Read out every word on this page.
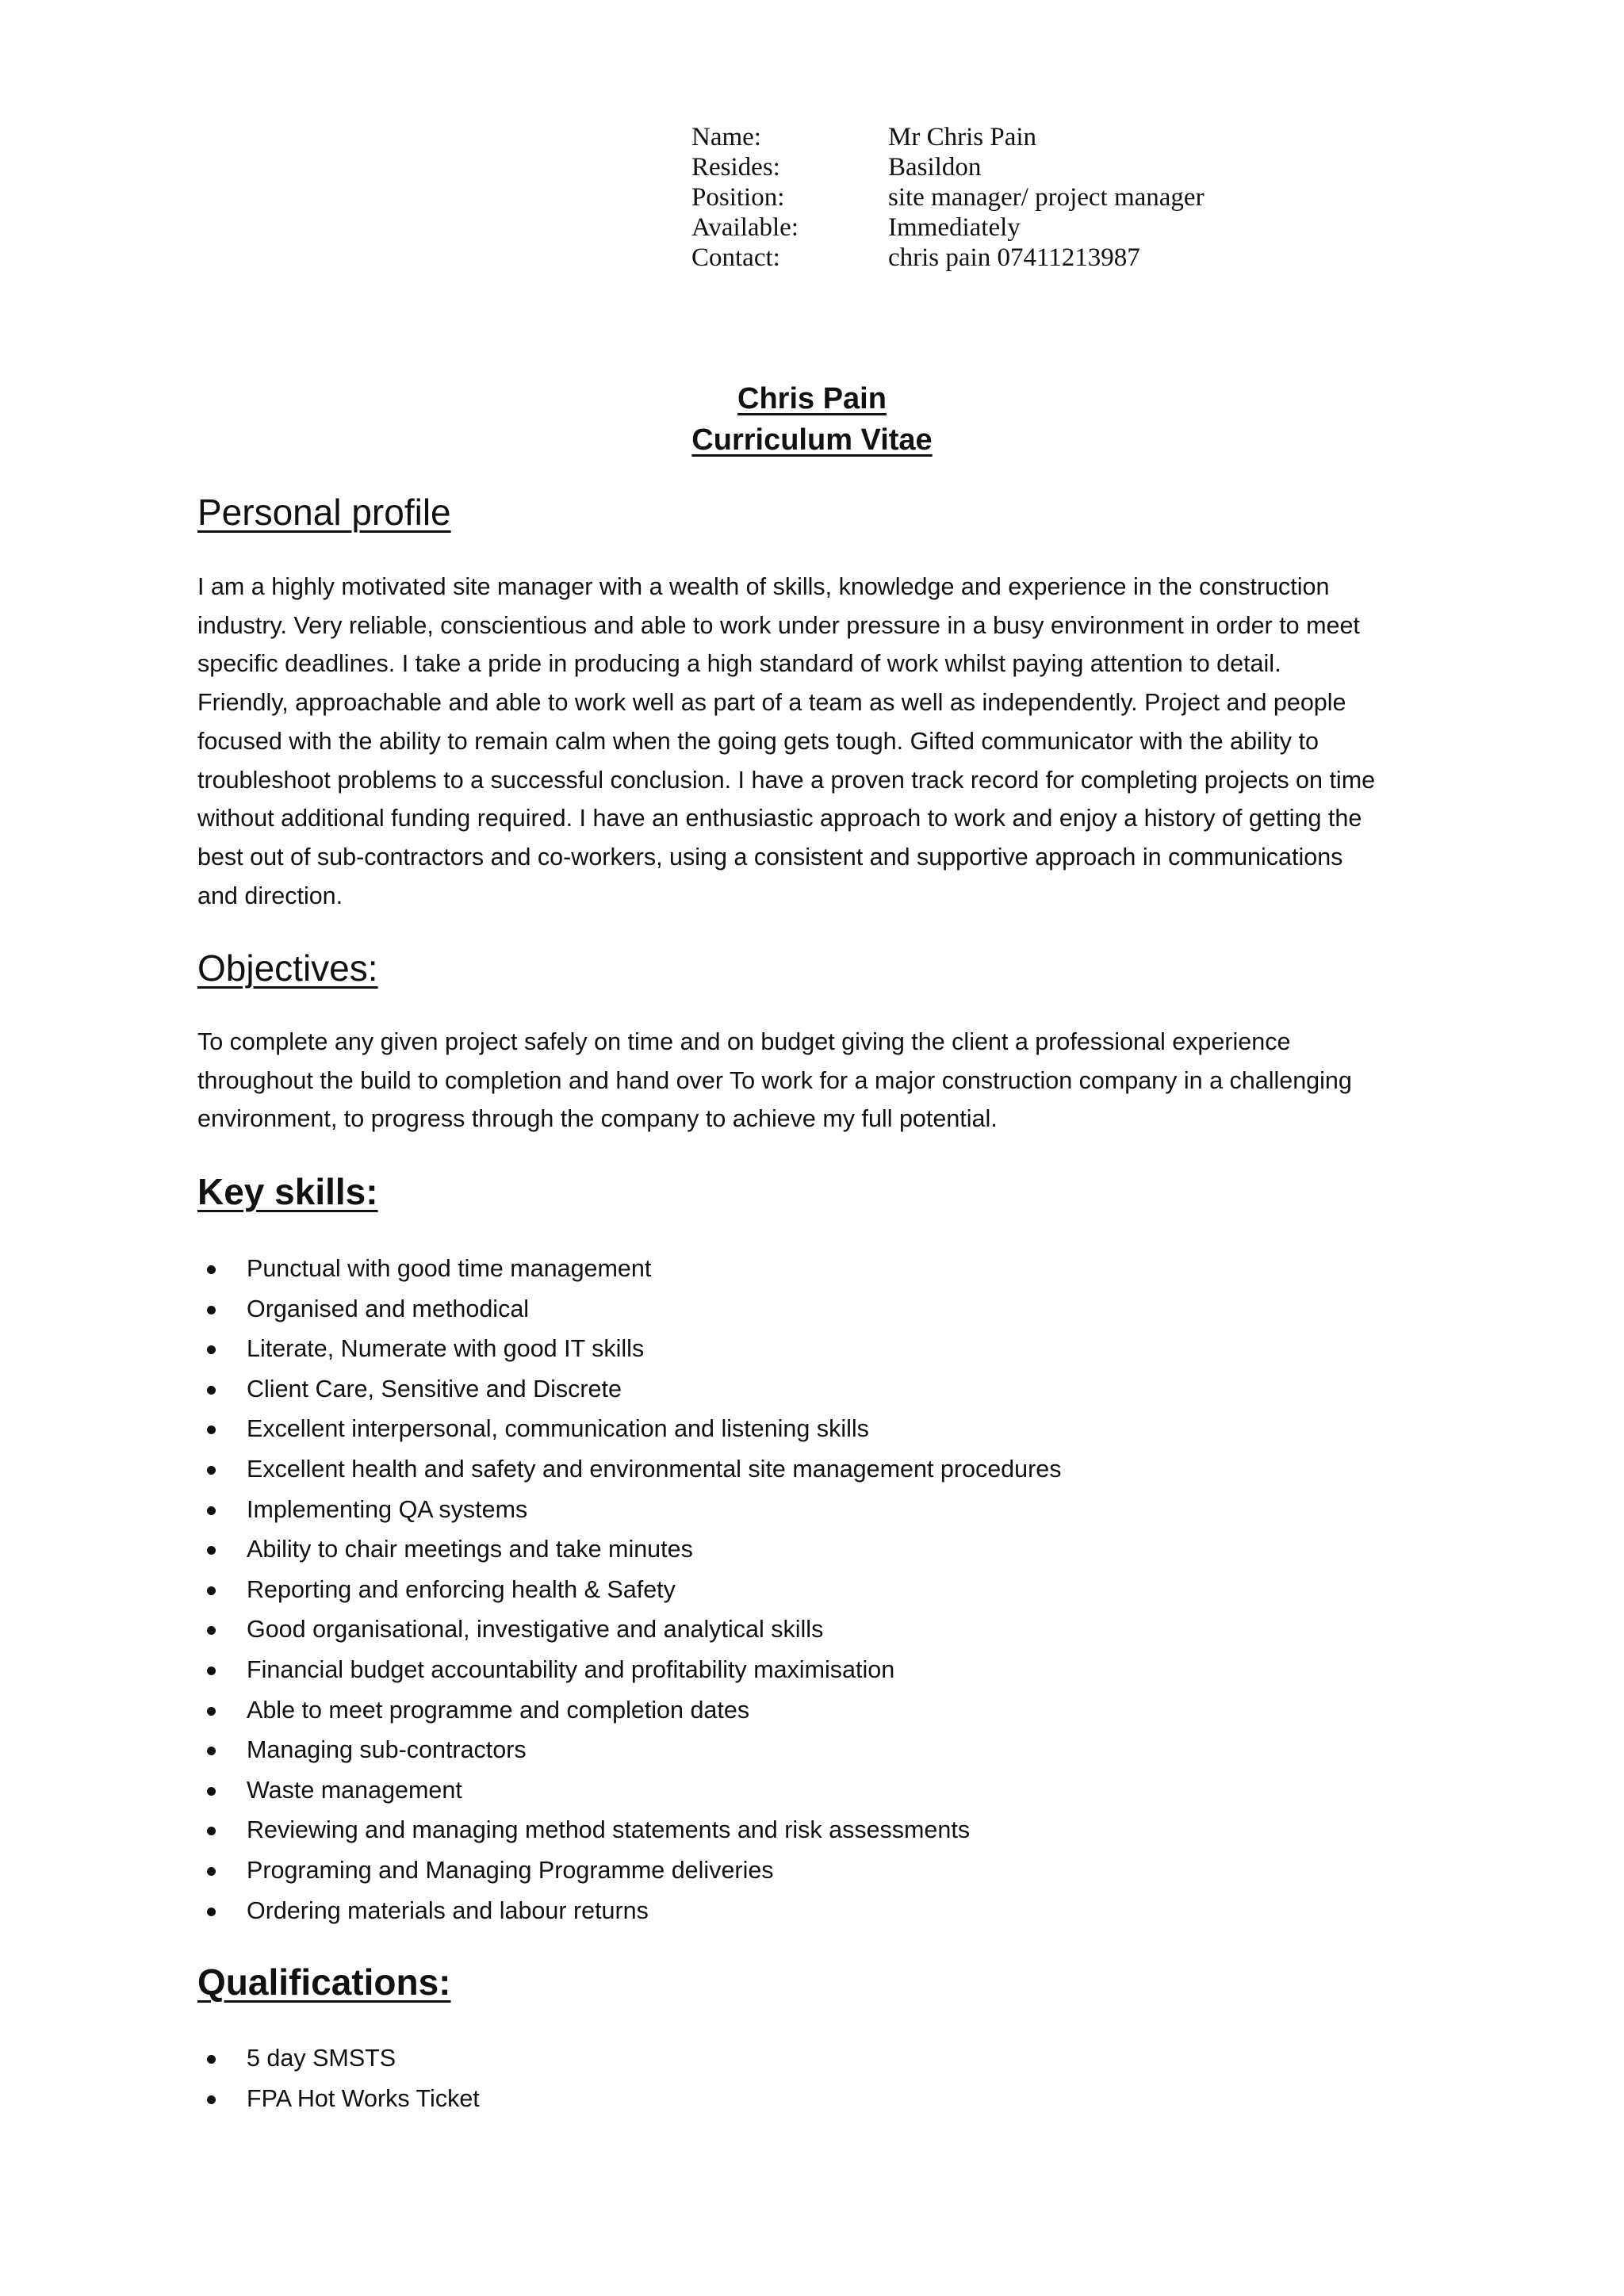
Name:	Mr Chris Pain
Resides:	Basildon
Position:	site manager/ project manager
Available:	Immediately
Contact:	chris pain 07411213987
Chris Pain
Curriculum Vitae
Personal profile
I am a highly motivated site manager with a wealth of skills, knowledge and experience in the construction
industry. Very reliable, conscientious and able to work under pressure in a busy environment in order to meet
specific deadlines. I take a pride in producing a high standard of work whilst paying attention to detail.
Friendly, approachable and able to work well as part of a team as well as independently. Project and people
focused with the ability to remain calm when the going gets tough. Gifted communicator with the ability to
troubleshoot problems to a successful conclusion. I have a proven track record for completing projects on time
without additional funding required. I have an enthusiastic approach to work and enjoy a history of getting the
best out of sub-contractors and co-workers, using a consistent and supportive approach in communications
and direction.
Objectives:
To complete any given project safely on time and on budget giving the client a professional experience
throughout the build to completion and hand over To work for a major construction company in a challenging
environment, to progress through the company to achieve my full potential.
Key skills:
Punctual with good time management
Organised and methodical
Literate, Numerate with good IT skills
Client Care, Sensitive and Discrete
Excellent interpersonal, communication and listening skills
Excellent health and safety and environmental site management procedures
Implementing QA systems
Ability to chair meetings and take minutes
Reporting and enforcing health & Safety
Good organisational, investigative and analytical skills
Financial budget accountability and profitability maximisation
Able to meet programme and completion dates
Managing sub-contractors
Waste management
Reviewing and managing method statements and risk assessments
Programing and Managing Programme deliveries
Ordering materials and labour returns
Qualifications:
5 day SMSTS
FPA Hot Works Ticket
